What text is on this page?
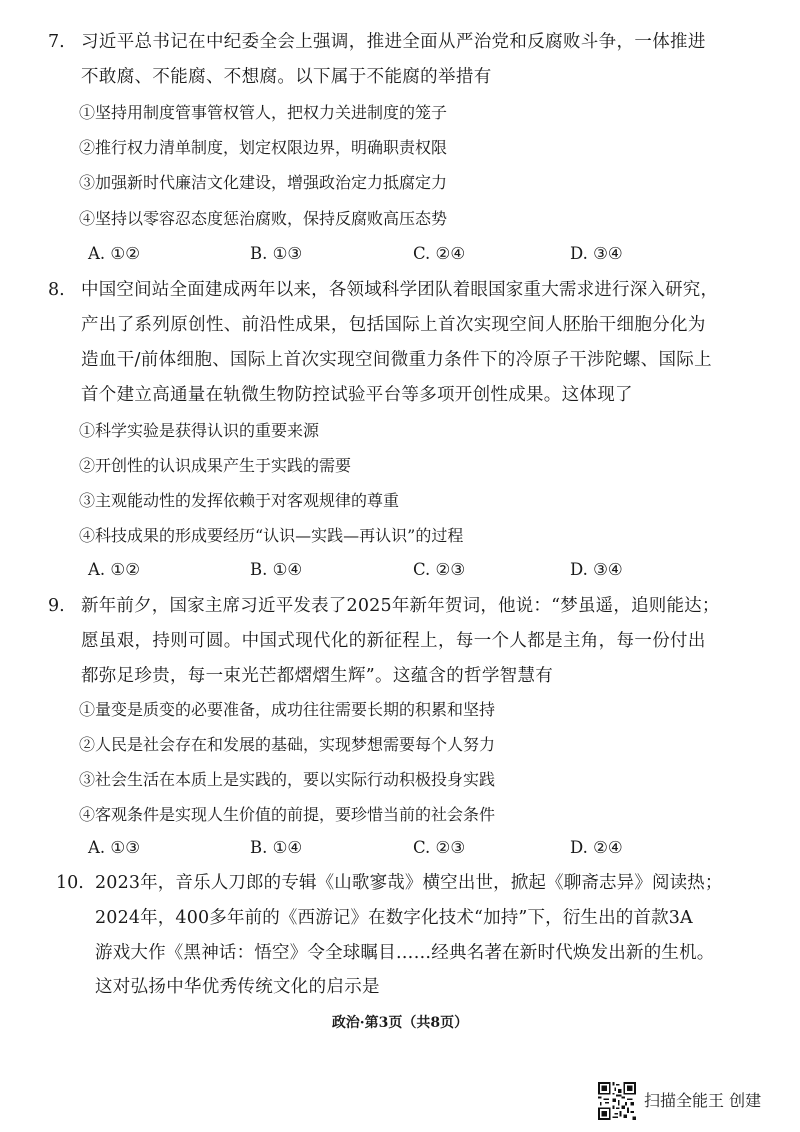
7. 习近平总书记在中纪委全会上强调，推进全面从严治党和反腐败斗争，一体推进
不敢腐、不能腐、不想腐。以下属于不能腐的举措有
①坚持用制度管事管权管人，把权力关进制度的笼子
②推行权力清单制度，划定权限边界，明确职责权限
③加强新时代廉洁文化建设，增强政治定力抵腐定力
④坚持以零容忍态度惩治腐败，保持反腐败高压态势
A. ①②	B. ①③	C. ②④	D. ③④
8. 中国空间站全面建成两年以来，各领域科学团队着眼国家重大需求进行深入研究，
产出了系列原创性、前沿性成果，包括国际上首次实现空间人胚胎干细胞分化为
造血干/前体细胞、国际上首次实现空间微重力条件下的冷原子干涉陀螺、国际上
首个建立高通量在轨微生物防控试验平台等多项开创性成果。这体现了
①科学实验是获得认识的重要来源
②开创性的认识成果产生于实践的需要
③主观能动性的发挥依赖于对客观规律的尊重
④科技成果的形成要经历“认识—实践—再认识”的过程
A. ①②	B. ①④	C. ②③	D. ③④
9. 新年前夕，国家主席习近平发表了2025年新年贺词，他说：“梦虽遥，追则能达；
愿虽艰，持则可圆。中国式现代化的新征程上，每一个人都是主角，每一份付出
都弥足珍贵，每一束光芒都熠熠生辉”。这蕴含的哲学智慧有
①量变是质变的必要准备，成功往往需要长期的积累和坚持
②人民是社会存在和发展的基础，实现梦想需要每个人努力
③社会生活在本质上是实践的，要以实际行动积极投身实践
④客观条件是实现人生价值的前提，要珍惜当前的社会条件
A. ①③	B. ①④	C. ②③	D. ②④
10. 2023年，音乐人刀郎的专辑《山歌寥哉》横空出世，掀起《聊斋志异》阅读热；
2024年，400多年前的《西游记》在数字化技术“加持”下，衍生出的首款3A
游戏大作《黑神话：悟空》令全球瞩目……经典名著在新时代焕发出新的生机。
这对弘扬中华优秀传统文化的启示是
政治·第3页（共8页）
扫描全能王 创建
